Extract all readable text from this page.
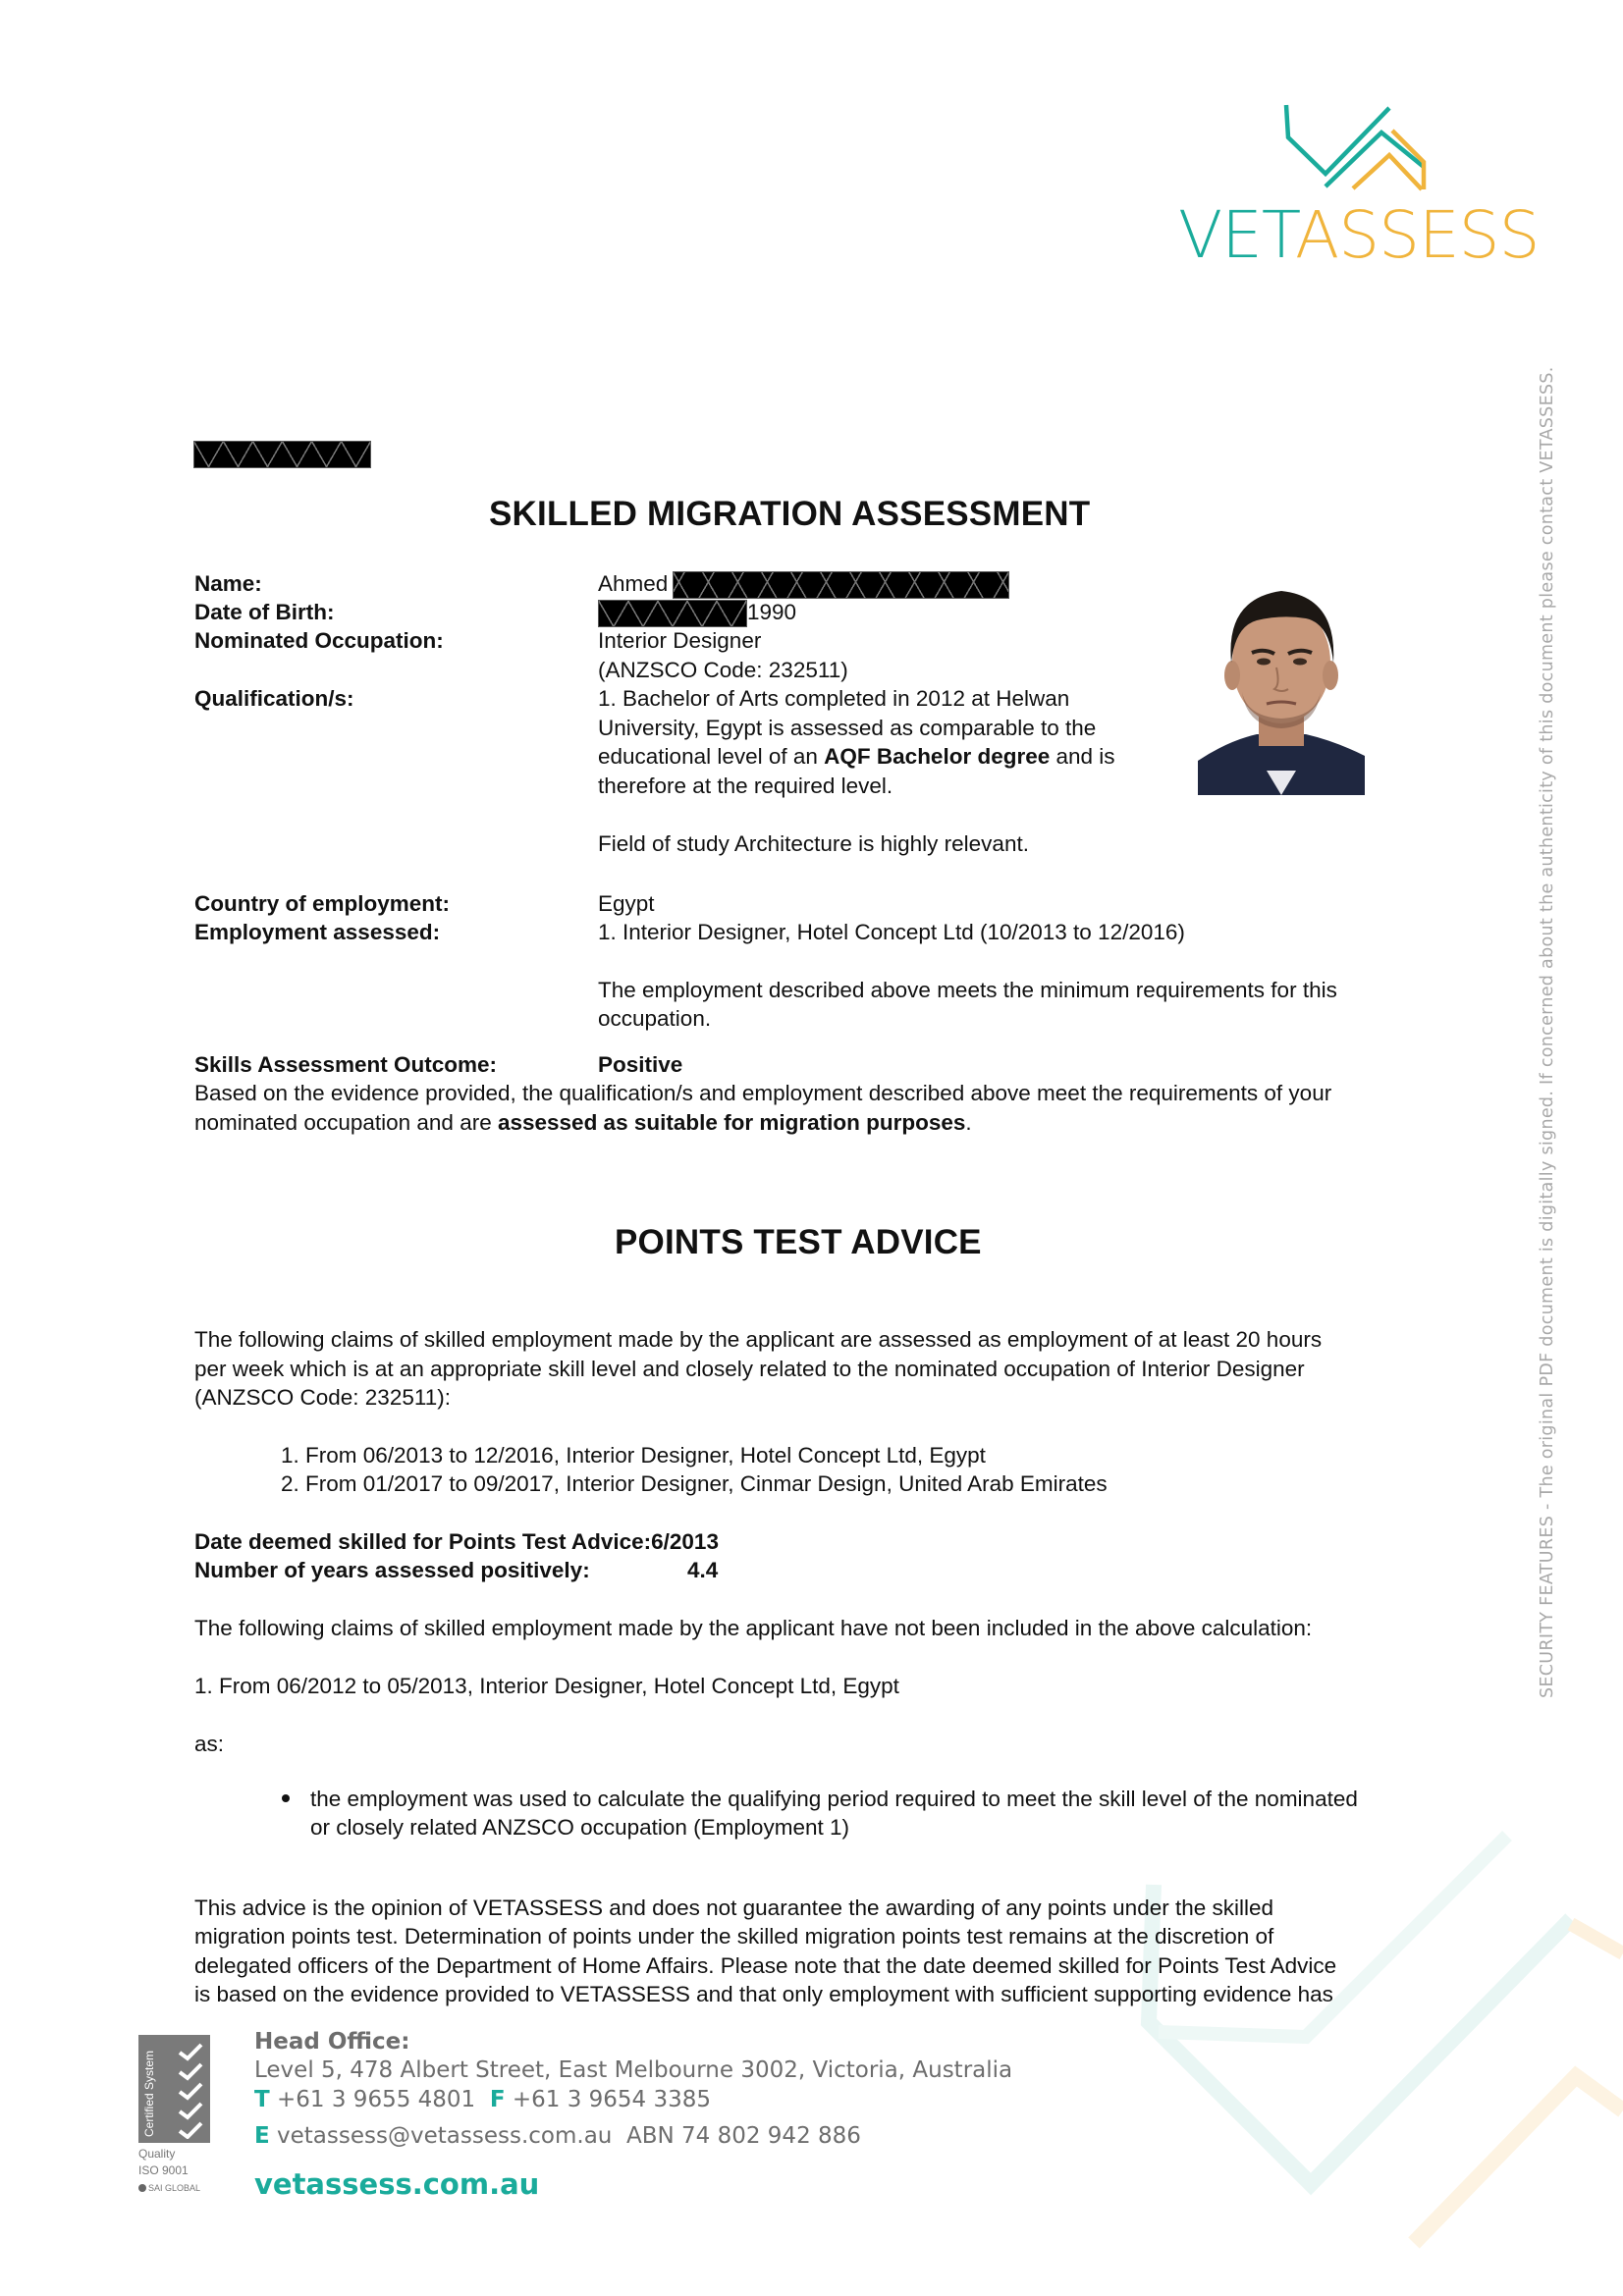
VETASSESS
SKILLED MIGRATION ASSESSMENT
Name:	Ahmed
Date of Birth:	1990
Nominated Occupation:	Interior Designer
(ANZSCO Code: 232511)
Qualification/s:	1. Bachelor of Arts completed in 2012 at Helwan
University, Egypt is assessed as comparable to the
educational level of an AQF Bachelor degree and is
therefore at the required level.
Field of study Architecture is highly relevant.
Country of employment:	Egypt
Employment assessed:	1. Interior Designer, Hotel Concept Ltd (10/2013 to 12/2016)
The employment described above meets the minimum requirements for this
occupation.
Skills Assessment Outcome:	Positive
Based on the evidence provided, the qualification/s and employment described above meet the requirements of your
nominated occupation and are assessed as suitable for migration purposes.
POINTS TEST ADVICE
The following claims of skilled employment made by the applicant are assessed as employment of at least 20 hours
per week which is at an appropriate skill level and closely related to the nominated occupation of Interior Designer
(ANZSCO Code: 232511):
1. From 06/2013 to 12/2016, Interior Designer, Hotel Concept Ltd, Egypt
2. From 01/2017 to 09/2017, Interior Designer, Cinmar Design, United Arab Emirates
Date deemed skilled for Points Test Advice:6/2013
Number of years assessed positively:	4.4
The following claims of skilled employment made by the applicant have not been included in the above calculation:
1. From 06/2012 to 05/2013, Interior Designer, Hotel Concept Ltd, Egypt
as:
the employment was used to calculate the qualifying period required to meet the skill level of the nominated
or closely related ANZSCO occupation (Employment 1)
This advice is the opinion of VETASSESS and does not guarantee the awarding of any points under the skilled
migration points test. Determination of points under the skilled migration points test remains at the discretion of
delegated officers of the Department of Home Affairs. Please note that the date deemed skilled for Points Test Advice
is based on the evidence provided to VETASSESS and that only employment with sufficient supporting evidence has
SECURITY FEATURES - The original PDF document is digitally signed. If concerned about the authenticity of this document please contact VETASSESS.
Certified System
Quality
ISO 9001
SAI GLOBAL
Head Office:
Level 5, 478 Albert Street, East Melbourne 3002, Victoria, Australia
T +61 3 9655 4801 F +61 3 9654 3385
E vetassess@vetassess.com.au ABN 74 802 942 886
vetassess.com.au
